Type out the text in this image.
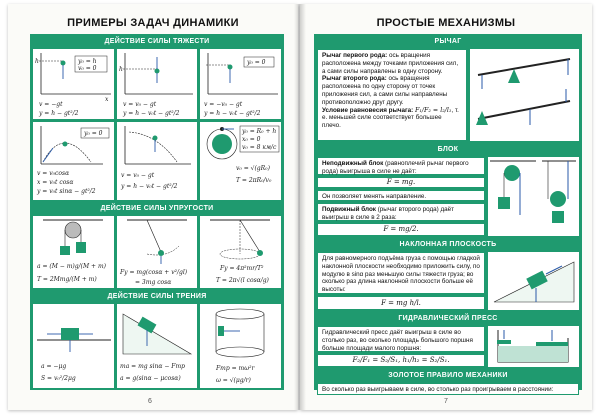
ПРИМЕРЫ ЗАДАЧ ДИНАМИКИ
ДЕЙСТВИЕ СИЛЫ ТЯЖЕСТИ
h
x
y₀ = h
v₀ = 0
v = −gt
y = h − gt²/2
h
v = v₀ − gt
y = h − v₀t − gt²/2
y₀ = 0
v = −v₀ − gt
y = h − v₀t − gt²/2
y₀ = 0
v = v₀cosα
x = v₀t cosα
y = v₀t sinα − gt²/2
v = v₀ − gt
y = h − v₀t − gt²/2
y₀ = R₀ + h
x₀ = 0
v₀ = 8 км/с
v₀ = √(gR₀)
T = 2πR₀/v₀
ДЕЙСТВИЕ СИЛЫ УПРУГОСТИ
a = (M − m)g/(M + m)
T = 2Mmg/(M + m)
Fy = mg(cosα + v²/gl)
= 3mg cosα
Fy = 4π²mr/T²
T = 2π√(l cosα/g)
ДЕЙСТВИЕ СИЛЫ ТРЕНИЯ
a = −μg
S = v₀²/2μg
ma = mg sinα − Fтр
a = g(sinα − μcosα)
Fтр = mω²r
ω = √(μg/r)
6
ПРОСТЫЕ МЕХАНИЗМЫ
РЫЧАГ
Рычаг первого рода: ось вращения расположена между точками приложения сил, а сами силы направлены в одну сторону.
Рычаг второго рода: ось вращения расположена по одну сторону от точек приложения сил, а сами силы направлены противоположно друг другу.
Условие равновесия рычага: F₁/F₂ = l₂/l₁, т. е. меньшей силе соответствует большее плечо.
БЛОК
Неподвижный блок (равноплечий рычаг первого рода) выигрыша в силе не даёт:
F = mg.
Он позволяет менять направление.
Подвижный блок (рычаг второго рода) даёт выигрыш в силе в 2 раза:
F = mg/2.
НАКЛОННАЯ ПЛОСКОСТЬ
Для равномерного подъёма груза с помощью гладкой наклонной плоскости необходимо приложить силу, по модулю в sinα раз меньшую силы тяжести груза; во сколько раз длина наклонной плоскости больше её высоты:
F = mg h/l.
ГИДРАВЛИЧЕСКИЙ ПРЕСС
Гидравлический пресс даёт выигрыш в силе во столько раз, во сколько площадь большого поршня больше площади малого поршня:
F₂/F₁ = S₂/S₁, h₁/h₂ = S₂/S₁.
ЗОЛОТОЕ ПРАВИЛО МЕХАНИКИ
Во сколько раз выигрываем в силе, во столько раз проигрываем в расстоянии:
7
